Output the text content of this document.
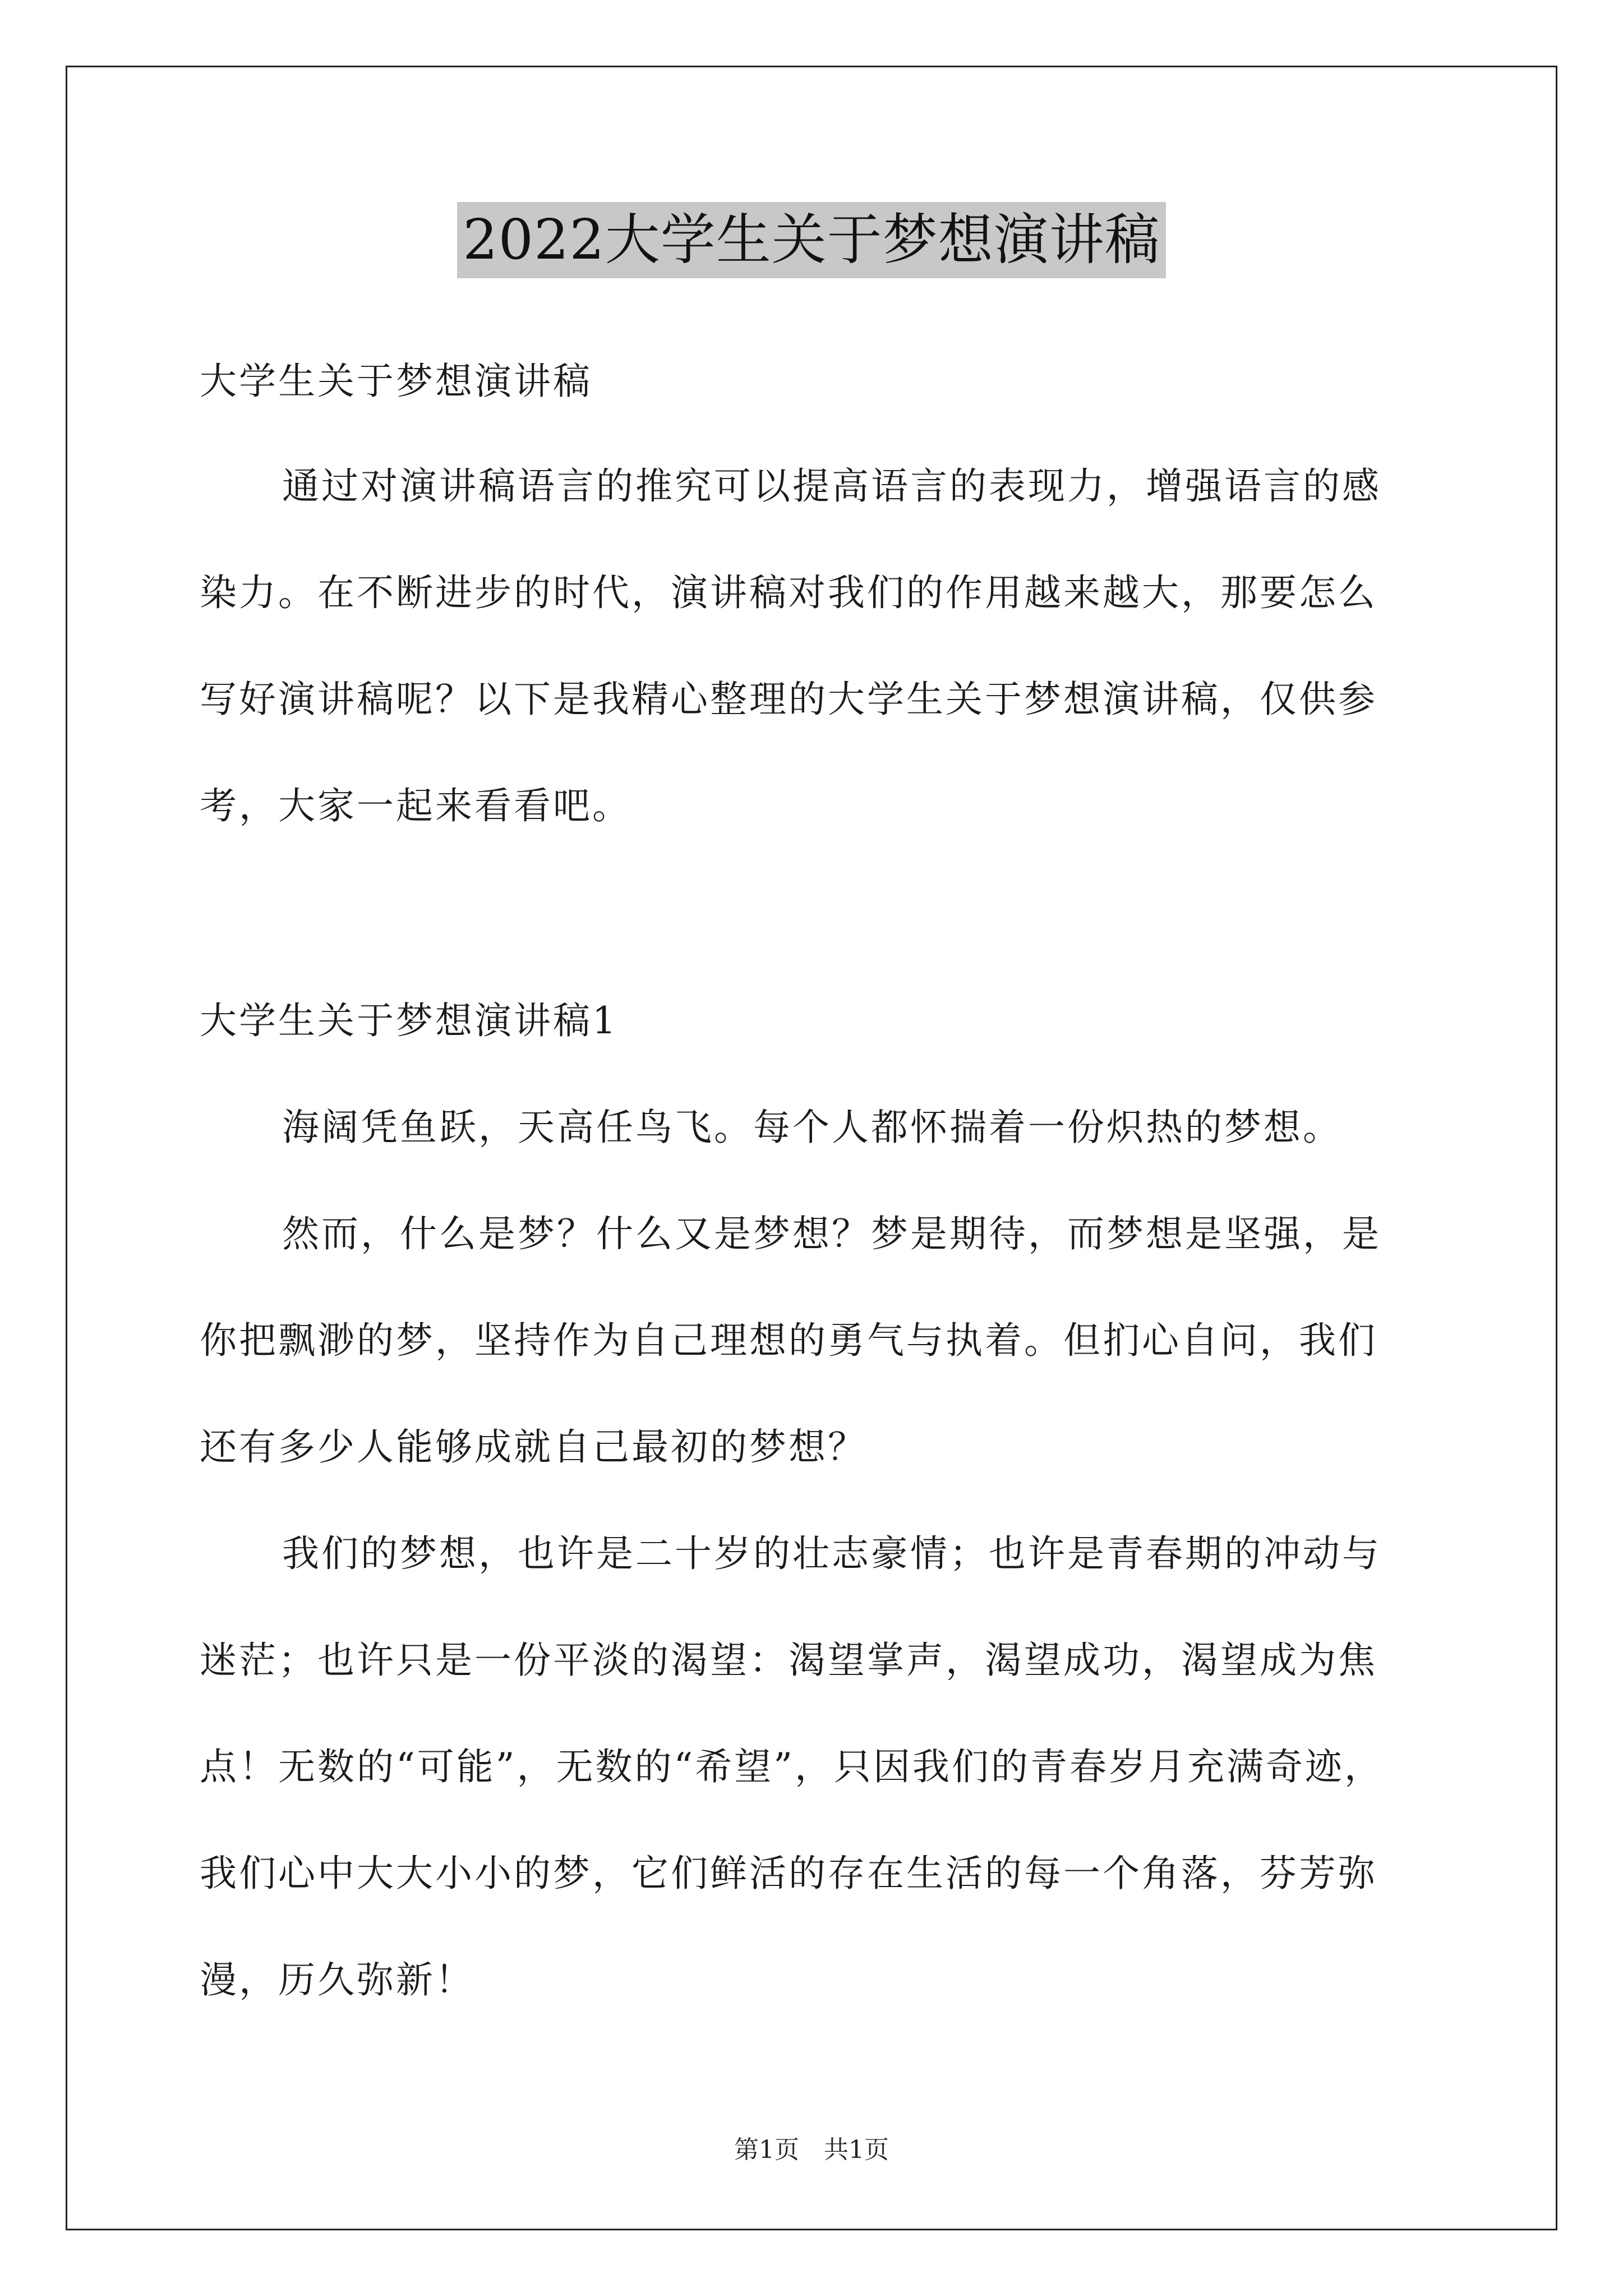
2022大学生关于梦想演讲稿
大学生关于梦想演讲稿
通过对演讲稿语言的推究可以提高语言的表现力，增强语言的感
染力。在不断进步的时代，演讲稿对我们的作用越来越大，那要怎么
写好演讲稿呢？以下是我精心整理的大学生关于梦想演讲稿，仅供参
考，大家一起来看看吧。
大学生关于梦想演讲稿1
海阔凭鱼跃，天高任鸟飞。每个人都怀揣着一份炽热的梦想。
然而，什么是梦？什么又是梦想？梦是期待，而梦想是坚强，是
你把飘渺的梦，坚持作为自己理想的勇气与执着。但扪心自问，我们
还有多少人能够成就自己最初的梦想？
我们的梦想，也许是二十岁的壮志豪情；也许是青春期的冲动与
迷茫；也许只是一份平淡的渴望：渴望掌声，渴望成功，渴望成为焦
点！无数的“可能”，无数的“希望”，只因我们的青春岁月充满奇迹，
我们心中大大小小的梦，它们鲜活的存在生活的每一个角落，芬芳弥
漫，历久弥新！
第1页　共1页
